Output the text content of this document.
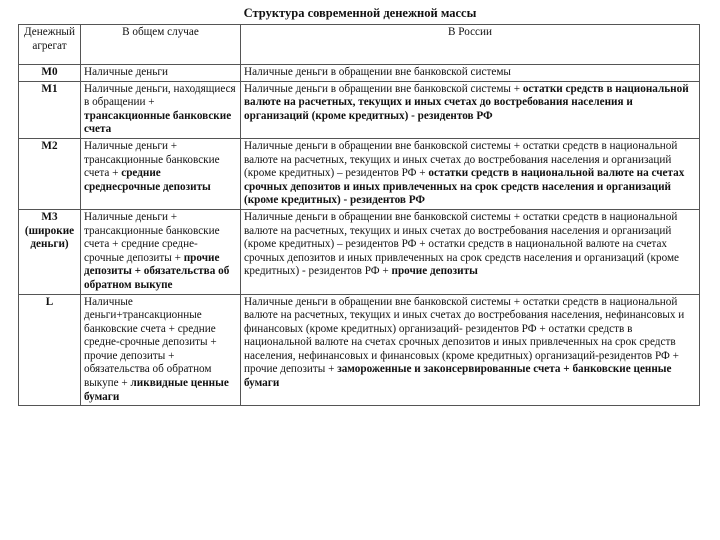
Структура современной денежной массы
Денежный агрегат	В общем случае	В России
М0	Наличные деньги	Наличные деньги в обращении вне банковской системы
М1	Наличные деньги, находящиеся в обращении + трансакционные банковские счета	Наличные деньги в обращении вне банковской системы + остатки средств в национальной валюте на расчетных, текущих и иных счетах до востребования населения и организаций (кроме кредитных) - резидентов РФ
М2	Наличные деньги + трансакционные банковские счета + средние среднесрочные депозиты	Наличные деньги в обращении вне банковской системы + остатки средств в национальной валюте на расчетных, текущих и иных счетах до востребования населения и организаций (кроме кредитных) – резидентов РФ + остатки средств в национальной валюте на счетах срочных депозитов и иных привлеченных на срок средств населения и организаций (кроме кредитных) - резидентов РФ
М3 (широкие деньги)	Наличные деньги + трансакционные банковские счета + средние средне-срочные депозиты + прочие депозиты + обязательства об обратном выкупе	Наличные деньги в обращении вне банковской системы + остатки средств в национальной валюте на расчетных, текущих и иных счетах до востребования населения и организаций (кроме кредитных) – резидентов РФ + остатки средств в национальной валюте на счетах срочных депозитов и иных привлеченных на срок средств населения и организаций (кроме кредитных) - резидентов РФ + прочие депозиты
L	Наличные деньги+трансакционные банковские счета + средние средне-срочные депозиты + прочие депозиты + обязательства об обратном выкупе + ликвидные ценные бумаги	Наличные деньги в обращении вне банковской системы + остатки средств в национальной валюте на расчетных, текущих и иных счетах до востребования населения, нефинансовых и финансовых (кроме кредитных) организаций- резидентов РФ + остатки средств в национальной валюте на счетах срочных депозитов и иных привлеченных на срок средств населения, нефинансовых и финансовых (кроме кредитных) организаций-резидентов РФ + прочие депозиты + замороженные и законсервированные счета + банковские ценные бумаги
